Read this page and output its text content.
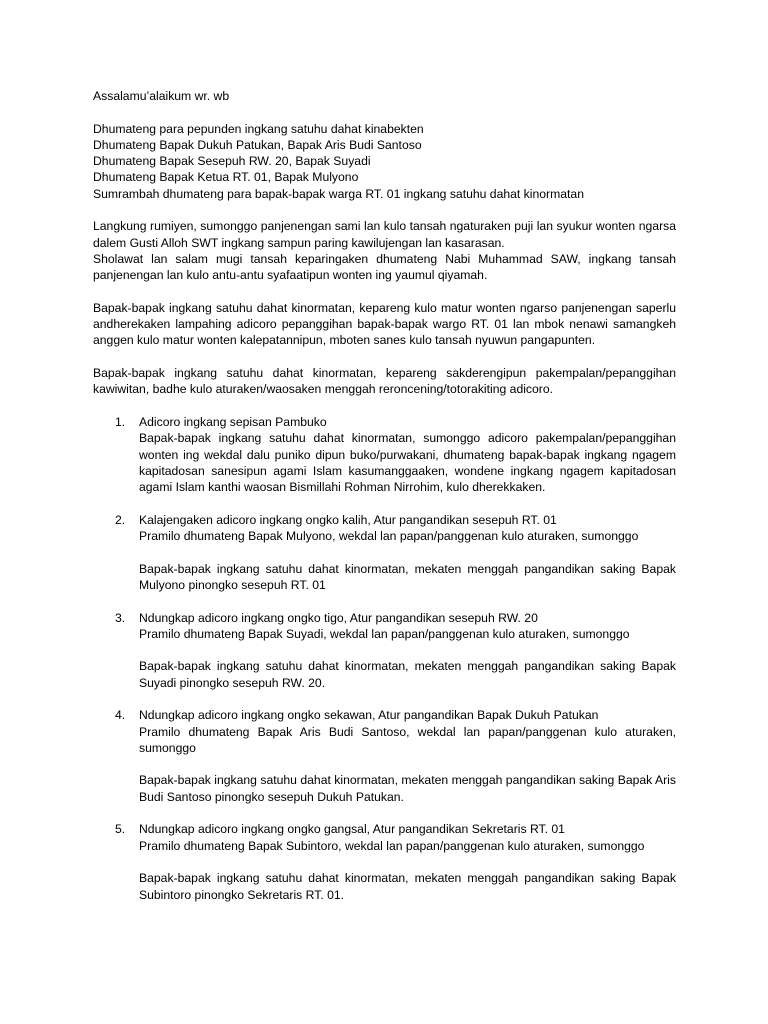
Assalamu’alaikum wr. wb
Dhumateng para pepunden ingkang satuhu dahat kinabekten
Dhumateng Bapak Dukuh Patukan, Bapak Aris Budi Santoso
Dhumateng Bapak Sesepuh RW. 20, Bapak Suyadi
Dhumateng Bapak Ketua RT. 01, Bapak Mulyono
Sumrambah dhumateng para bapak-bapak warga RT. 01 ingkang satuhu dahat kinormatan

Langkung rumiyen, sumonggo panjenengan sami lan kulo tansah ngaturaken puji lan syukur wonten ngarsa dalem Gusti Alloh SWT ingkang sampun paring kawilujengan lan kasarasan.

Sholawat lan salam mugi tansah keparingaken dhumateng Nabi Muhammad SAW, ingkang tansah panjenengan lan kulo antu-antu syafaatipun wonten ing yaumul qiyamah.

Bapak-bapak ingkang satuhu dahat kinormatan, kepareng kulo matur wonten ngarso panjenengan saperlu andherekaken lampahing adicoro pepanggihan bapak-bapak wargo RT. 01 lan mbok nenawi samangkeh anggen kulo matur wonten kalepatannipun, mboten sanes kulo tansah nyuwun pangapunten.

Bapak-bapak ingkang satuhu dahat kinormatan, kepareng sakderengipun pakempalan/pepanggihan kawiwitan, badhe kulo aturaken/waosaken menggah reroncening/totorakiting adicoro.

1. Adicoro ingkang sepisan Pambuko

Bapak-bapak ingkang satuhu dahat kinormatan, sumonggo adicoro pakempalan/pepanggihan wonten ing wekdal dalu puniko dipun buko/purwakani, dhumateng bapak-bapak ingkang ngagem kapitadosan sanesipun agami Islam kasumanggaaken, wondene ingkang ngagem kapitadosan agami Islam kanthi waosan Bismillahi Rohman Nirrohim, kulo dherekkaken.

2. Kalajengaken adicoro ingkang ongko kalih, Atur pangandikan sesepuh RT. 01

Pramilo dhumateng Bapak Mulyono, wekdal lan papan/panggenan kulo aturaken, sumonggo

Bapak-bapak ingkang satuhu dahat kinormatan, mekaten menggah pangandikan saking Bapak Mulyono pinongko sesepuh RT. 01

3. Ndungkap adicoro ingkang ongko tigo, Atur pangandikan sesepuh RW. 20

Pramilo dhumateng Bapak Suyadi, wekdal lan papan/panggenan kulo aturaken, sumonggo

Bapak-bapak ingkang satuhu dahat kinormatan, mekaten menggah pangandikan saking Bapak Suyadi pinongko sesepuh RW. 20.

4. Ndungkap adicoro ingkang ongko sekawan, Atur pangandikan Bapak Dukuh Patukan

Pramilo dhumateng Bapak Aris Budi Santoso, wekdal lan papan/panggenan kulo aturaken, sumonggo

Bapak-bapak ingkang satuhu dahat kinormatan, mekaten menggah pangandikan saking Bapak Aris Budi Santoso pinongko sesepuh Dukuh Patukan.

5. Ndungkap adicoro ingkang ongko gangsal, Atur pangandikan Sekretaris RT. 01

Pramilo dhumateng Bapak Subintoro, wekdal lan papan/panggenan kulo aturaken, sumonggo

Bapak-bapak ingkang satuhu dahat kinormatan, mekaten menggah pangandikan saking Bapak Subintoro pinongko Sekretaris RT. 01.
